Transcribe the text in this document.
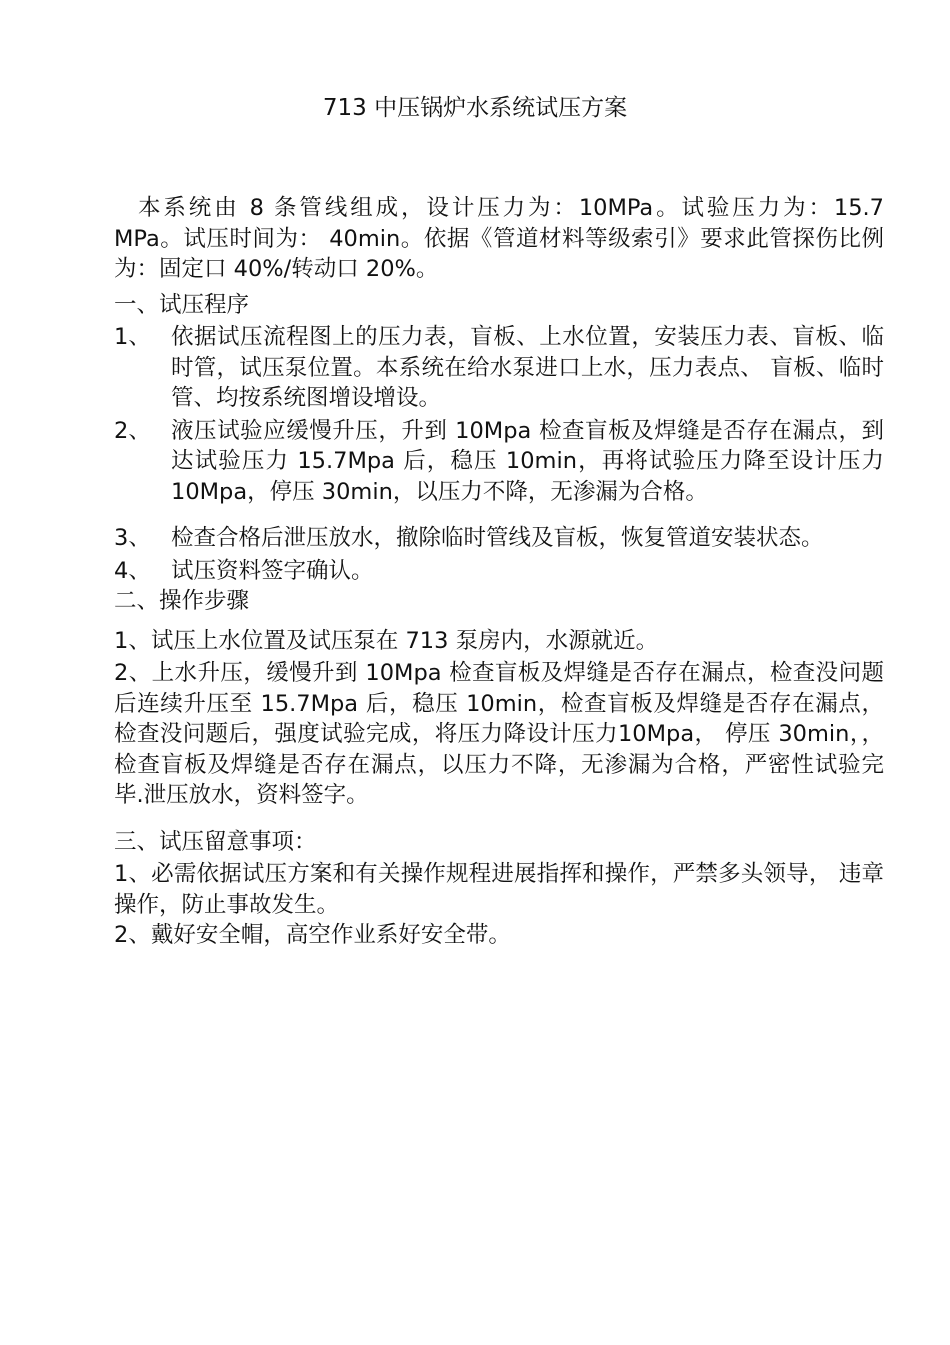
713 中压锅炉水系统试压方案

本系统由 8 条管线组成，设计压力为：10MPa。试验压力为：15.7 MPa。试压时间为： 40min。依据《管道材料等级索引》要求此管探伤比例为：固定口 40%/转动口 20%。

一、试压程序

1、 依据试压流程图上的压力表，盲板、上水位置，安装压力表、盲板、临时管，试压泵位置。本系统在给水泵进口上水，压力表点、 盲板、临时管、均按系统图增设增设。

2、 液压试验应缓慢升压，升到 10Mpa 检查盲板及焊缝是否存在漏点，到达试验压力 15.7Mpa 后，稳压 10min，再将试验压力降至设计压力 10Mpa，停压 30min，以压力不降，无渗漏为合格。

3、 检查合格后泄压放水，撤除临时管线及盲板，恢复管道安装状态。

4、 试压资料签字确认。

二、操作步骤

1、试压上水位置及试压泵在 713 泵房内，水源就近。

2、上水升压，缓慢升到 10Mpa 检查盲板及焊缝是否存在漏点，检查没问题后连续升压至 15.7Mpa 后，稳压 10min，检查盲板及焊缝是否存在漏点，检查没问题后，强度试验完成，将压力降设计压力10Mpa， 停压 30min，，检查盲板及焊缝是否存在漏点，以压力不降，无渗漏为合格，严密性试验完毕.泄压放水，资料签字。

三、试压留意事项：

1、必需依据试压方案和有关操作规程进展指挥和操作，严禁多头领导， 违章操作，防止事故发生。

2、戴好安全帽，高空作业系好安全带。
